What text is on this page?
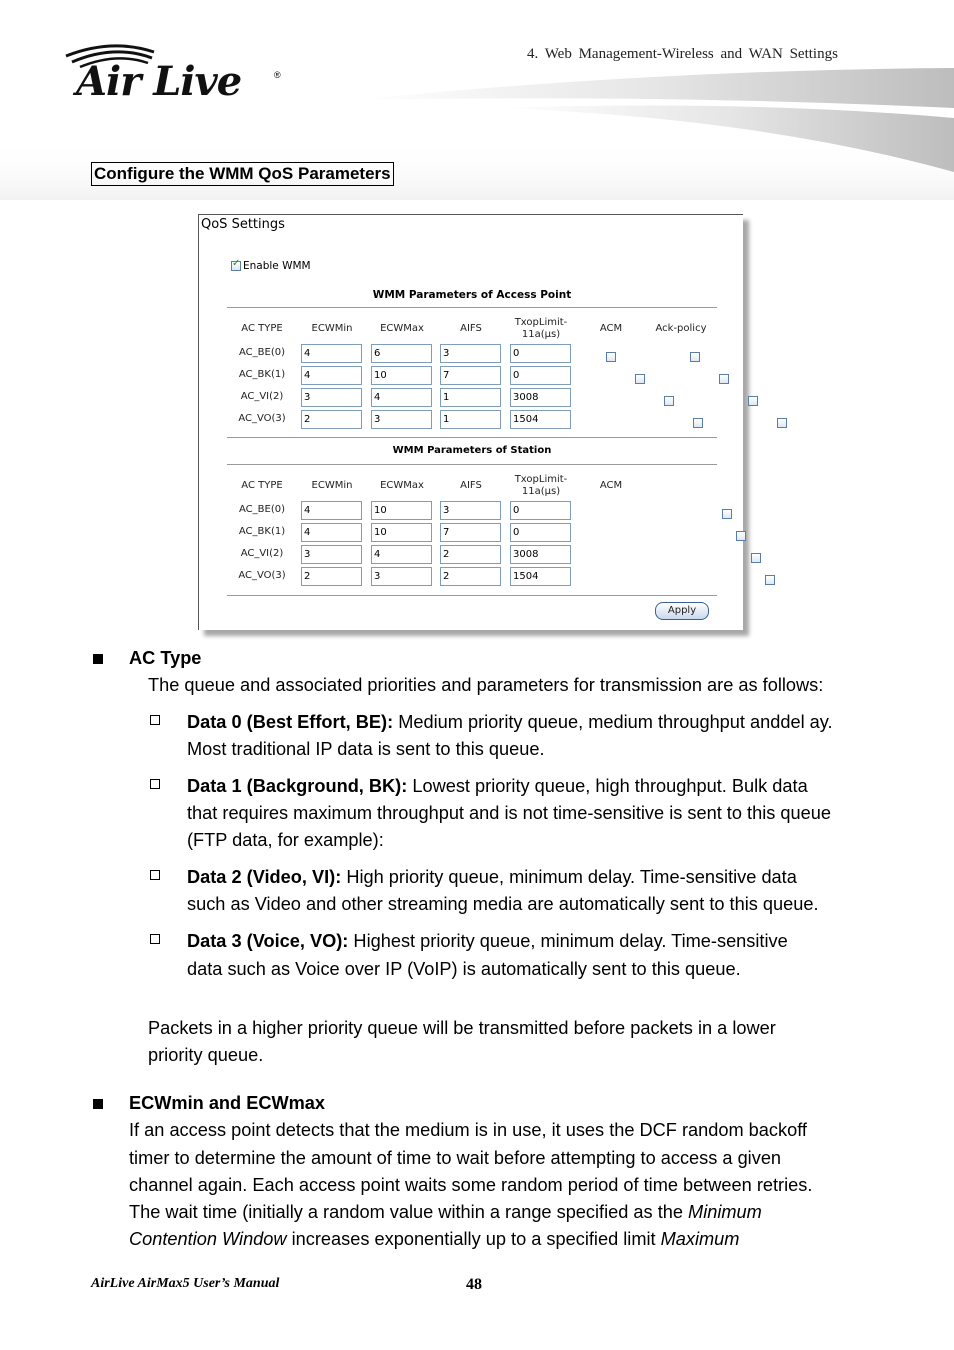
4. Web Management-Wireless and WAN Settings
Air Live	®
Configure the WMM QoS Parameters
QoS Settings
✓
Enable WMM
WMM Parameters of Access Point
AC TYPE	ECWMin	ECWMax	AIFS
TxopLimit-
11a(µs)
ACM	Ack-policy
AC_BE(0)	4	6	3	0

AC_BK(1)	4	10	7	0

AC_VI(2)	3	4	1	3008

AC_VO(3)	2	3	1	1504

WMM Parameters of Station
AC TYPE	ECWMin	ECWMax	AIFS
TxopLimit-
11a(µs)
ACM
AC_BE(0)	4	10	3	0

AC_BK(1)	4	10	7	0

AC_VI(2)	3	4	2	3008

AC_VO(3)	2	3	2	1504
Apply
AC Type
The queue and associated priorities and parameters for transmission are as follows:
Data 0 (Best Effort, BE): Medium priority queue, medium throughput anddel ay.
Most traditional IP data is sent to this queue.
Data 1 (Background, BK): Lowest priority queue, high throughput. Bulk data
that requires maximum throughput and is not time-sensitive is sent to this queue
(FTP data, for example):
Data 2 (Video, VI): High priority queue, minimum delay. Time-sensitive data
such as Video and other streaming media are automatically sent to this queue.
Data 3 (Voice, VO): Highest priority queue, minimum delay. Time-sensitive
data such as Voice over IP (VoIP) is automatically sent to this queue.
Packets in a higher priority queue will be transmitted before packets in a lower
priority queue.
ECWmin and ECWmax
If an access point detects that the medium is in use, it uses the DCF random backoff
timer to determine the amount of time to wait before attempting to access a given
channel again. Each access point waits some random period of time between retries.
The wait time (initially a random value within a range specified as the Minimum
Contention Window increases exponentially up to a specified limit Maximum
AirLive AirMax5 User’s Manual	48
